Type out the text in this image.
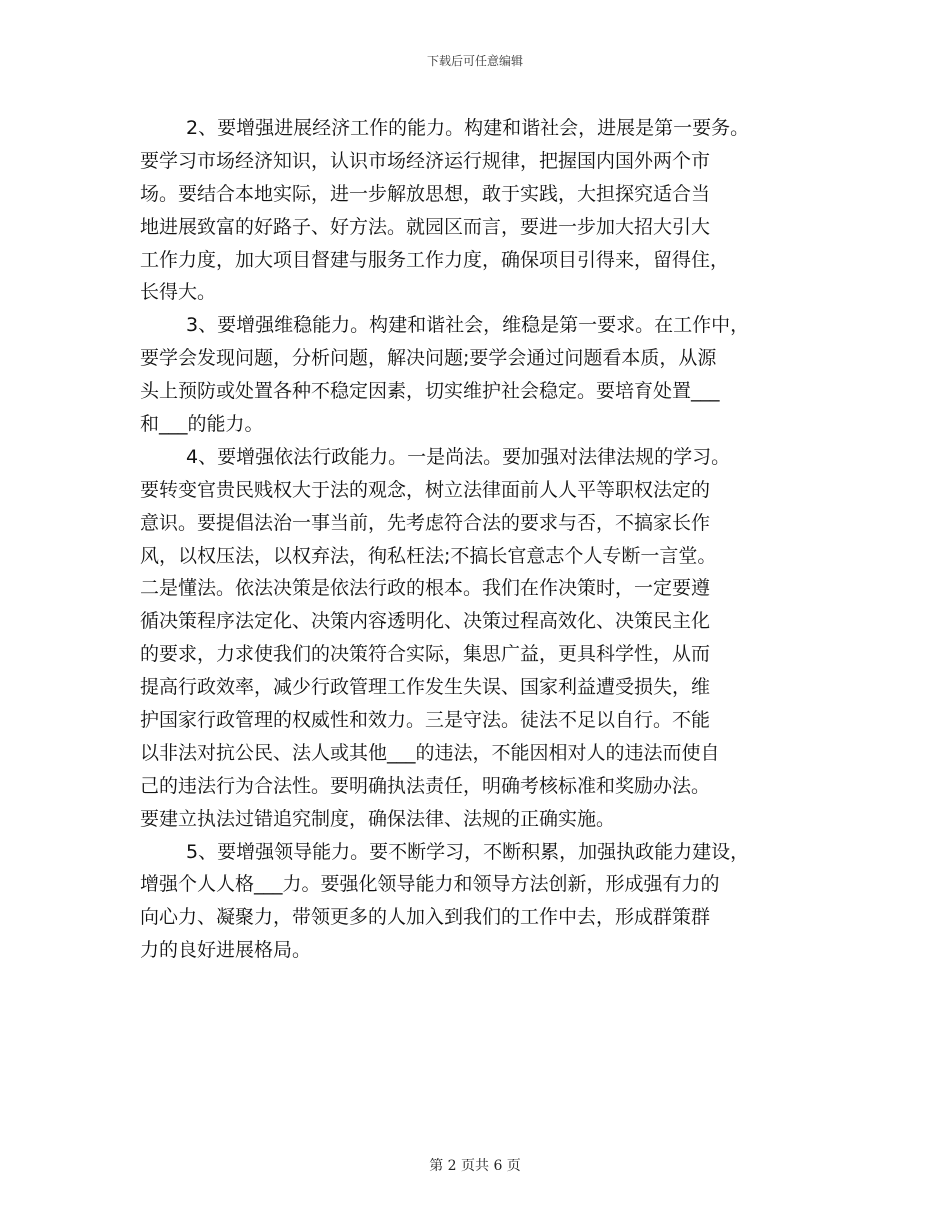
下载后可任意编辑
2、要增强进展经济工作的能力。构建和谐社会，进展是第一要务。
要学习市场经济知识，认识市场经济运行规律，把握国内国外两个市
场。要结合本地实际，进一步解放思想，敢于实践，大担探究适合当
地进展致富的好路子、好方法。就园区而言，要进一步加大招大引大
工作力度，加大项目督建与服务工作力度，确保项目引得来，留得住，
长得大。
3、要增强维稳能力。构建和谐社会，维稳是第一要求。在工作中，
要学会发现问题，分析问题，解决问题;要学会通过问题看本质，从源
头上预防或处置各种不稳定因素，切实维护社会稳定。要培育处置___
和___的能力。
4、要增强依法行政能力。一是尚法。要加强对法律法规的学习。
要转变官贵民贱权大于法的观念，树立法律面前人人平等职权法定的
意识。要提倡法治一事当前，先考虑符合法的要求与否，不搞家长作
风，以权压法，以权弃法，徇私枉法;不搞长官意志个人专断一言堂。
二是懂法。依法决策是依法行政的根本。我们在作决策时，一定要遵
循决策程序法定化、决策内容透明化、决策过程高效化、决策民主化
的要求，力求使我们的决策符合实际，集思广益，更具科学性，从而
提高行政效率，减少行政管理工作发生失误、国家利益遭受损失，维
护国家行政管理的权威性和效力。三是守法。徒法不足以自行。不能
以非法对抗公民、法人或其他___的违法，不能因相对人的违法而使自
己的违法行为合法性。要明确执法责任，明确考核标准和奖励办法。
要建立执法过错追究制度，确保法律、法规的正确实施。
5、要增强领导能力。要不断学习，不断积累，加强执政能力建设，
增强个人人格___力。要强化领导能力和领导方法创新，形成强有力的
向心力、凝聚力，带领更多的人加入到我们的工作中去，形成群策群
力的良好进展格局。
第 2 页共 6 页
